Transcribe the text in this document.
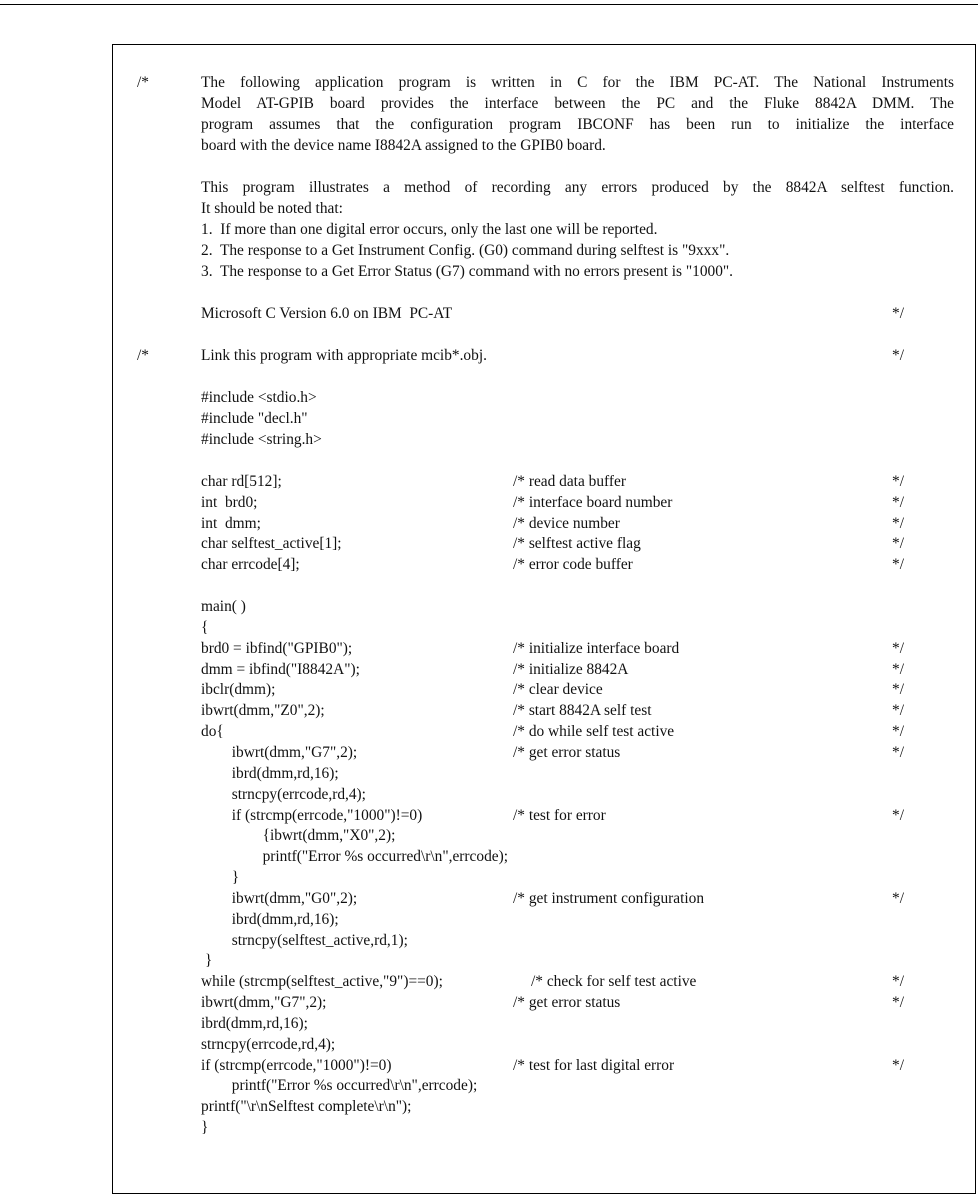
/*	The following application program is written in C for the IBM PC-AT. The National Instruments
Model AT-GPIB board provides the interface between the PC and the Fluke 8842A DMM. The
program assumes that the configuration program IBCONF has been run to initialize the interface
board with the device name I8842A assigned to the GPIB0 board.
This program illustrates a method of recording any errors produced by the 8842A selftest function.
It should be noted that:
1.  If more than one digital error occurs, only the last one will be reported.
2.  The response to a Get Instrument Config. (G0) command during selftest is "9xxx".
3.  The response to a Get Error Status (G7) command with no errors present is "1000".
Microsoft C Version 6.0 on IBM  PC-AT	*/
/*	Link this program with appropriate mcib*.obj.	*/
#include <stdio.h>
#include "decl.h"
#include <string.h>
char rd[512];	/* read data buffer	*/
int  brd0;	/* interface board number	*/
int  dmm;	/* device number	*/
char selftest_active[1];	/* selftest active flag	*/
char errcode[4];	/* error code buffer	*/
main( )
{
brd0 = ibfind("GPIB0");	/* initialize interface board	*/
dmm = ibfind("I8842A");	/* initialize 8842A	*/
ibclr(dmm);	/* clear device	*/
ibwrt(dmm,"Z0",2);	/* start 8842A self test	*/
do{	/* do while self test active	*/
ibwrt(dmm,"G7",2);	/* get error status	*/
ibrd(dmm,rd,16);
strncpy(errcode,rd,4);
if (strcmp(errcode,"1000")!=0)	/* test for error	*/
{ibwrt(dmm,"X0",2);
printf("Error %s occurred\r\n",errcode);
}
ibwrt(dmm,"G0",2);	/* get instrument configuration	*/
ibrd(dmm,rd,16);
strncpy(selftest_active,rd,1);
}
while (strcmp(selftest_active,"9")==0);	/* check for self test active	*/
ibwrt(dmm,"G7",2);	/* get error status	*/
ibrd(dmm,rd,16);
strncpy(errcode,rd,4);
if (strcmp(errcode,"1000")!=0)	/* test for last digital error	*/
printf("Error %s occurred\r\n",errcode);
printf("\r\nSelftest complete\r\n");
}
